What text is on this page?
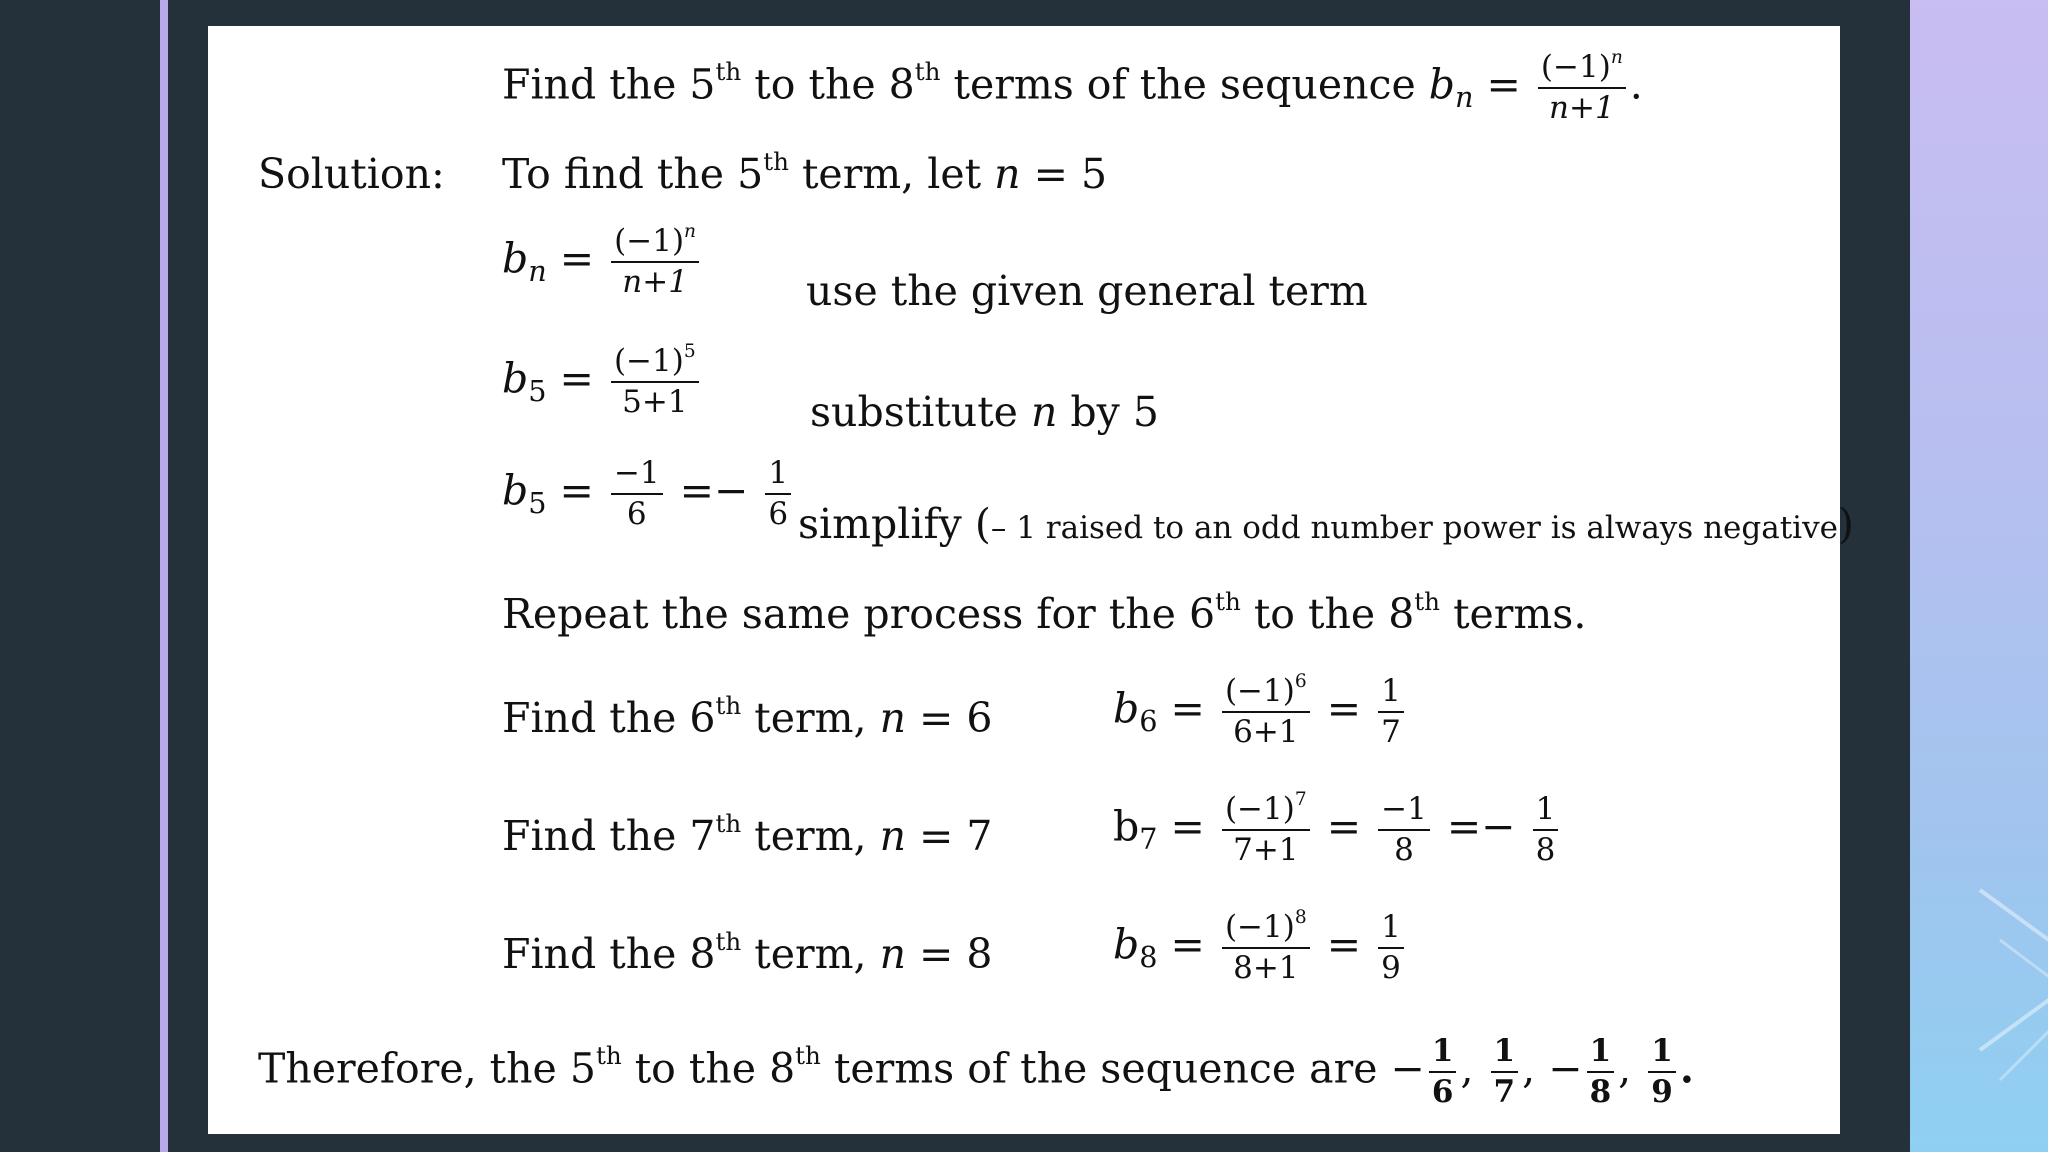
Find the 5th to the 8th terms of the sequence $b_n = \frac{(-1)^n}{n+1}$ .
Solution: To find the 5th term, let n = 5
$b_n = \frac{(-1)^n}{n+1}$	use the given general term
$b_5 = \frac{(-1)^5}{5+1}$	substitute n by 5
$b_5 = \frac{-1}{6} =- \frac{1}{6}$ simplify (– 1 raised to an odd number power is always negative)
Repeat the same process for the 6th to the 8th terms.
Find the 6th term, n = 6	$b_6 = \frac{(-1)^6}{6+1} = \frac{1}{7}$
Find the 7th term, n = 7	$b_7 = \frac{(-1)^7}{7+1} = \frac{-1}{8} =- \frac{1}{8}$
Find the 8th term, n = 8	$b_8 = \frac{(-1)^8}{8+1} = \frac{1}{9}$
Therefore, the 5th to the 8th terms of the sequence are − $\frac{1}{6}$ , $\frac{1}{7}$ , − $\frac{1}{8}$ , $\frac{1}{9}$ .
